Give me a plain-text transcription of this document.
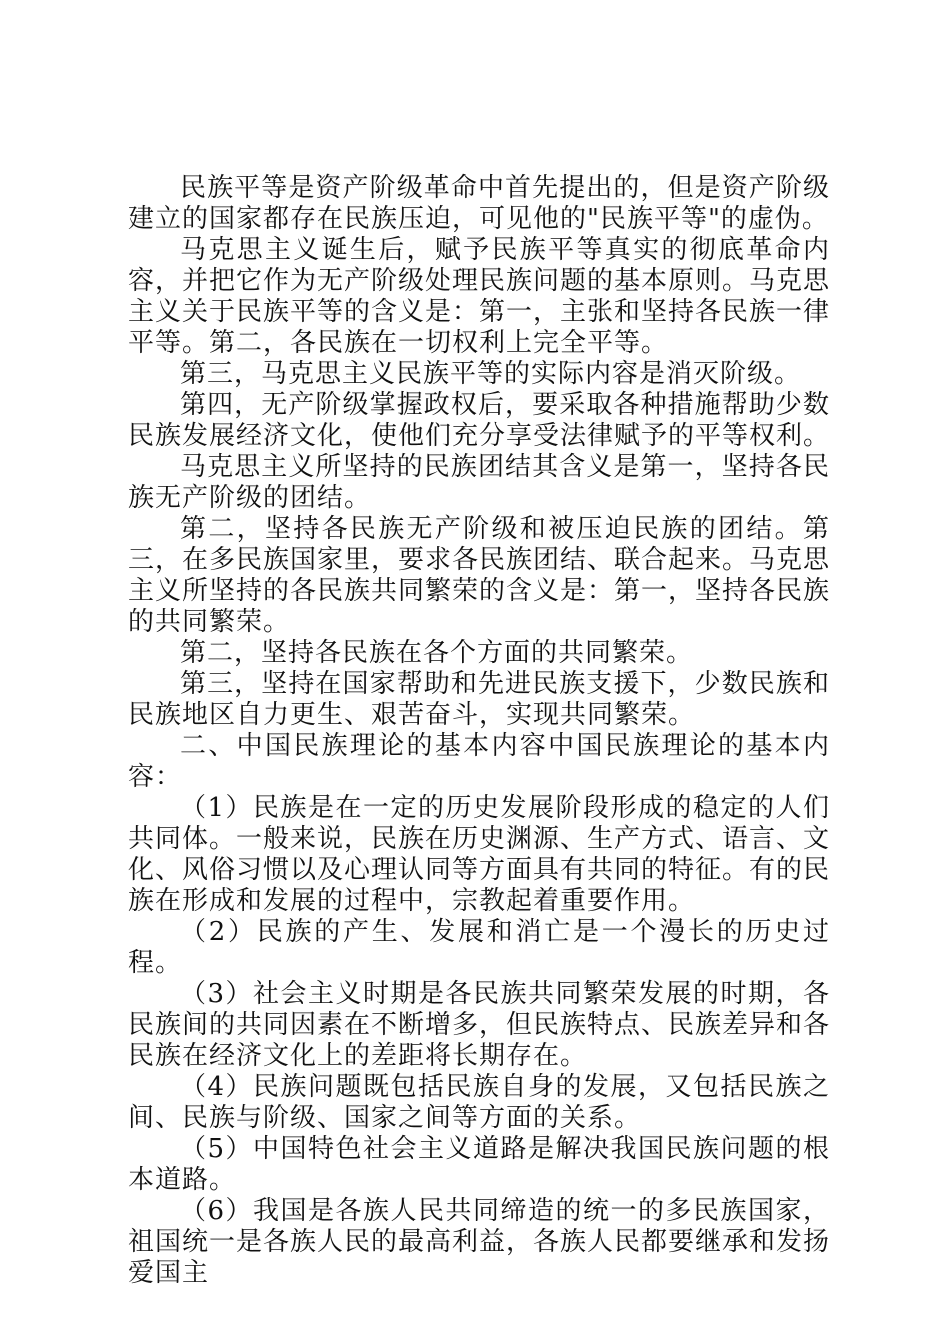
民族平等是资产阶级革命中首先提出的，但是资产阶级建立的国家都存在民族压迫，可见他的"民族平等"的虚伪。

马克思主义诞生后，赋予民族平等真实的彻底革命内容，并把它作为无产阶级处理民族问题的基本原则。马克思主义关于民族平等的含义是：第一，主张和坚持各民族一律平等。第二，各民族在一切权利上完全平等。

第三，马克思主义民族平等的实际内容是消灭阶级。

第四，无产阶级掌握政权后，要采取各种措施帮助少数民族发展经济文化，使他们充分享受法律赋予的平等权利。

马克思主义所坚持的民族团结其含义是第一，坚持各民族无产阶级的团结。

第二，坚持各民族无产阶级和被压迫民族的团结。第三，在多民族国家里，要求各民族团结、联合起来。马克思主义所坚持的各民族共同繁荣的含义是：第一，坚持各民族的共同繁荣。

第二，坚持各民族在各个方面的共同繁荣。

第三，坚持在国家帮助和先进民族支援下，少数民族和民族地区自力更生、艰苦奋斗，实现共同繁荣。

二、中国民族理论的基本内容中国民族理论的基本内容：

（1）民族是在一定的历史发展阶段形成的稳定的人们共同体。一般来说，民族在历史渊源、生产方式、语言、文化、风俗习惯以及心理认同等方面具有共同的特征。有的民族在形成和发展的过程中，宗教起着重要作用。

（2）民族的产生、发展和消亡是一个漫长的历史过程。

（3）社会主义时期是各民族共同繁荣发展的时期，各民族间的共同因素在不断增多，但民族特点、民族差异和各民族在经济文化上的差距将长期存在。

（4）民族问题既包括民族自身的发展，又包括民族之间、民族与阶级、国家之间等方面的关系。

（5）中国特色社会主义道路是解决我国民族问题的根本道路。

（6）我国是各族人民共同缔造的统一的多民族国家，祖国统一是各族人民的最高利益，各族人民都要继承和发扬爱国主
